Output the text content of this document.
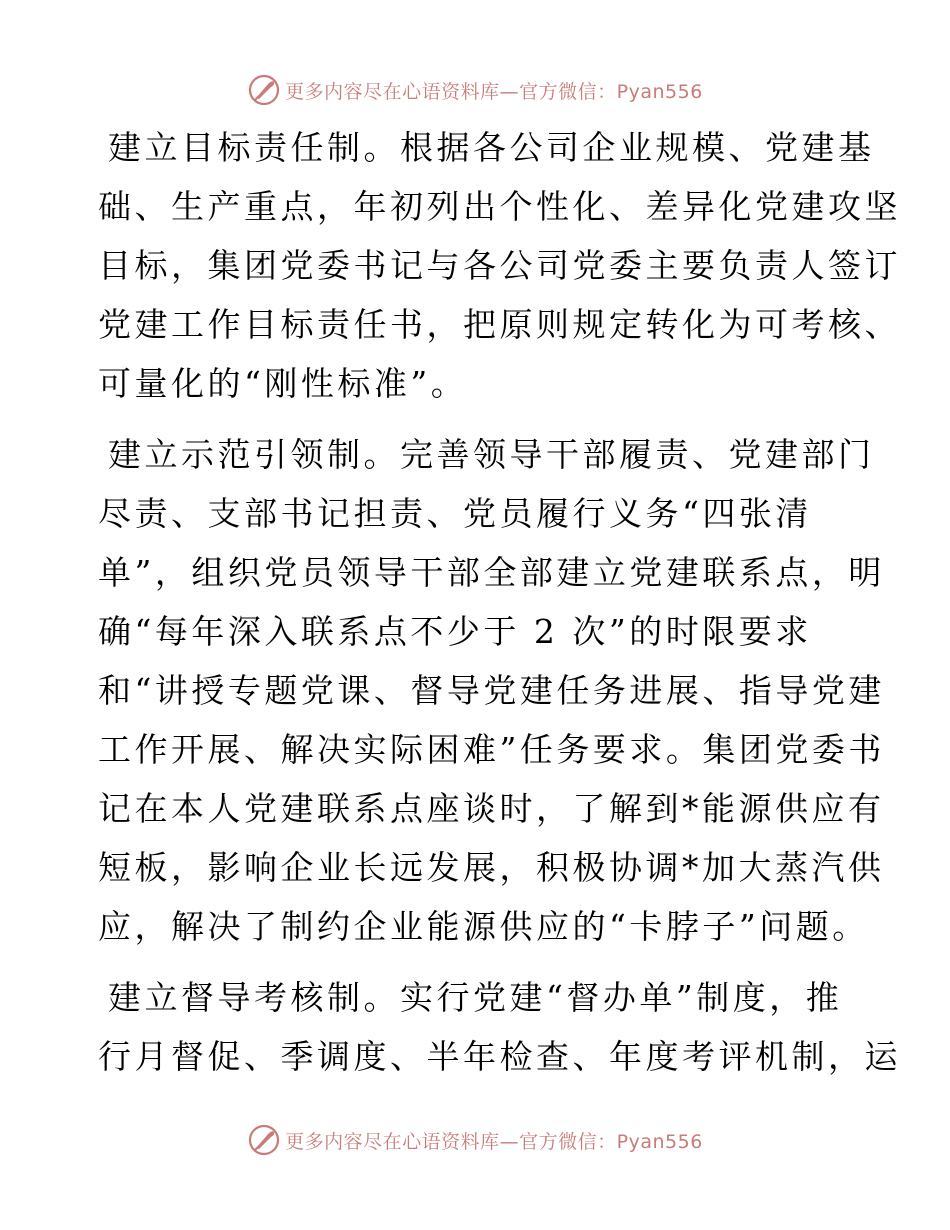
更多内容尽在心语资料库—官方微信：Pyan556
建立目标责任制。根据各公司企业规模、党建基
础、生产重点，年初列出个性化、差异化党建攻坚
目标，集团党委书记与各公司党委主要负责人签订
党建工作目标责任书，把原则规定转化为可考核、
可量化的“刚性标准”。
建立示范引领制。完善领导干部履责、党建部门
尽责、支部书记担责、党员履行义务“四张清
单”，组织党员领导干部全部建立党建联系点，明
确“每年深入联系点不少于 2 次”的时限要求
和“讲授专题党课、督导党建任务进展、指导党建
工作开展、解决实际困难”任务要求。集团党委书
记在本人党建联系点座谈时，了解到*能源供应有
短板，影响企业长远发展，积极协调*加大蒸汽供
应，解决了制约企业能源供应的“卡脖子”问题。
建立督导考核制。实行党建“督办单”制度，推
行月督促、季调度、半年检查、年度考评机制，运
更多内容尽在心语资料库—官方微信：Pyan556
